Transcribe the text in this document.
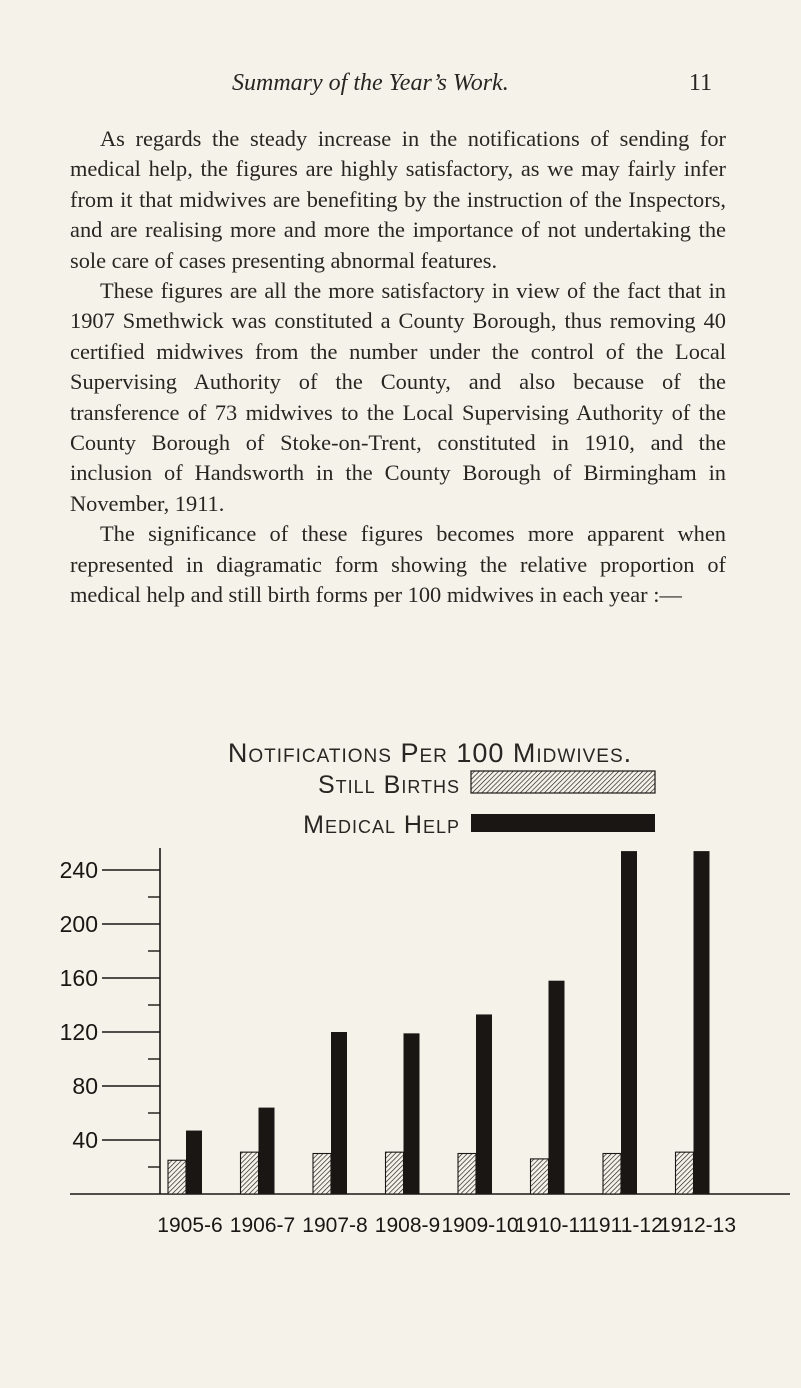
Summary of the Year’s Work.	11

As regards the steady increase in the notifications of sending for medical help, the figures are highly satisfactory, as we may fairly infer from it that midwives are benefiting by the instruction of the Inspectors, and are realising more and more the importance of not undertaking the sole care of cases presenting abnormal features.

These figures are all the more satisfactory in view of the fact that in 1907 Smethwick was constituted a County Borough, thus removing 40 certified midwives from the number under the control of the Local Supervising Authority of the County, and also because of the transference of 73 midwives to the Local Supervising Authority of the County Borough of Stoke-on-Trent, constituted in 1910, and the inclusion of Handsworth in the County Borough of Birmingham in November, 1911.

The significance of these figures becomes more apparent when represented in diagramatic form showing the relative proportion of medical help and still birth forms per 100 midwives in each year :—

Notifications Per 100 Midwives.
Still Births
Medical Help
40
80
120
160
200
240
1905-6 1906-7 1907-8 1908-9 1909-10
1910-11
1911-12
1912-13
